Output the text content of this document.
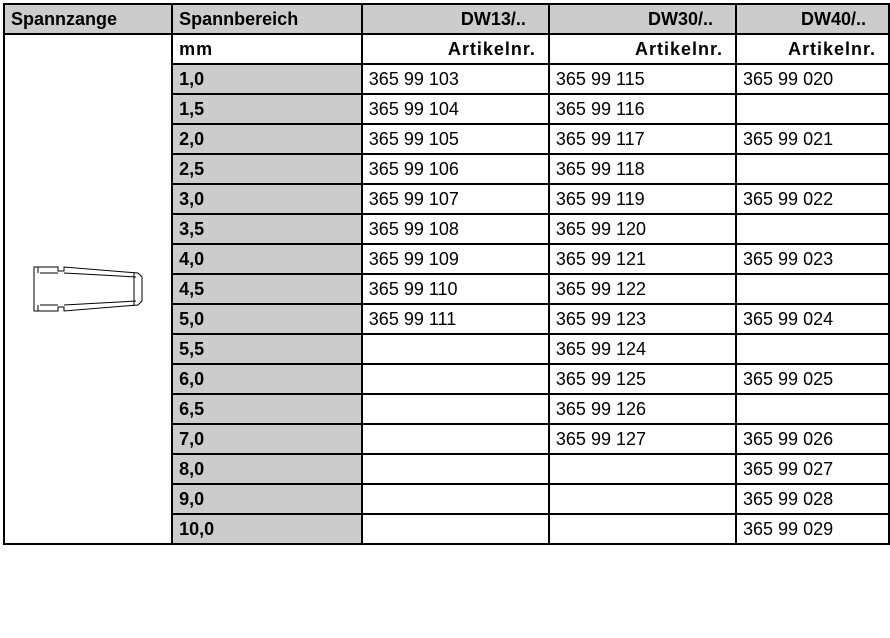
Spannzange	Spannbereich	DW13/..	DW30/..	DW40/..

	mm	Artikelnr.	Artikelnr.	Artikelnr.
	1,0	365 99 103	365 99 115	365 99 020
	1,5	365 99 104	365 99 116	
	2,0	365 99 105	365 99 117	365 99 021
	2,5	365 99 106	365 99 118	
	3,0	365 99 107	365 99 119	365 99 022
	3,5	365 99 108	365 99 120	
	4,0	365 99 109	365 99 121	365 99 023
	4,5	365 99 110	365 99 122	
	5,0	365 99 111	365 99 123	365 99 024
	5,5		365 99 124	
	6,0		365 99 125	365 99 025
	6,5		365 99 126	
	7,0		365 99 127	365 99 026
	8,0			365 99 027
	9,0			365 99 028
	10,0			365 99 029
